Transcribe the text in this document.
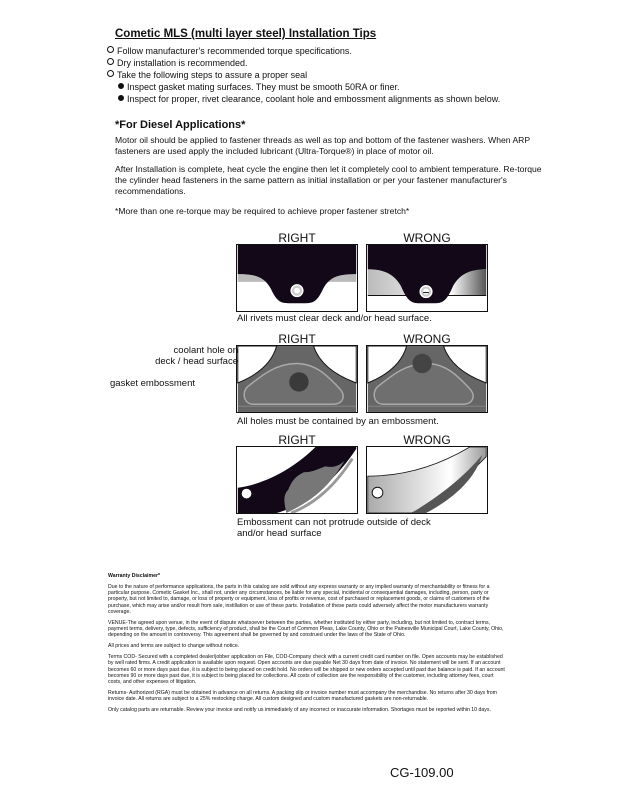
Cometic MLS (multi layer steel) Installation Tips
Follow manufacturer's recommended torque specifications.
Dry installation is recommended.
Take the following steps to assure a proper seal
Inspect gasket mating surfaces. They must be smooth 50RA or finer.
Inspect for proper, rivet clearance, coolant hole and embossment alignments as shown below.
*For Diesel Applications*
Motor oil should be applied to fastener threads as well as top and bottom of the fastener washers. When ARP fasteners are used apply the included lubricant (Ultra-Torque®) in place of motor oil.
After Installation is complete, heat cycle the engine then let it completely cool to ambient temperature. Re-torque the cylinder head fasteners in the same pattern as initial installation or per your fastener manufacturer's recommendations.
*More than one re-torque may be required to achieve proper fastener stretch*
RIGHT	WRONG
All rivets must clear deck and/or head surface.
RIGHT	WRONG
coolant hole on
deck / head surface
gasket embossment
All holes must be contained by an embossment.
RIGHT	WRONG
Embossment can not protrude outside of deck
and/or head surface

Warranty Disclaimer*

Due to the nature of performance applications, the parts in this catalog are sold without any express warranty or any implied warranty of merchantability or fitness for a particular purpose. Cometic Gasket Inc., shall not, under any circumstances, be liable for any special, incidental or consequential damages, including, person, party or property, but not limited to, damage, or loss of property or equipment, loss of profits or revenue, cost of purchased or replacement goods, or claims of customers of the purchase, which may arise and/or result from sale, instillation or use of these parts. Installation of these parts could adversely affect the motor manufacturers warranty coverage.

VENUE-The agreed upon venue, in the event of dispute whatsoever between the parties, whether instituted by either party, including, but not limited to, contract terms, payment terms, delivery, type, defects, sufficiency of product, shall be the Court of Common Pleas, Lake County, Ohio or the Painesville Municipal Court, Lake County, Ohio, depending on the amount in controversy. This agreement shall be governed by and construed under the laws of the State of Ohio.

All prices and terms are subject to change without notice.

Terms COD- Secured with a completed dealer/jobber application on File, COD-Company check with a current credit card number on file. Open accounts may be established by well rated firms. A credit application is available upon request. Open accounts are due payable Net 30 days from date of invoice. No statement will be sent. If an account becomes 60 or more days past due, it is subject to being placed on credit hold. No orders will be shipped or new orders accepted until past due balance is paid. If an account becomes 90 or more days past due, it is subject to being placed for collections. All costs of collection are the responsibility of the customer, including attorney fees, court costs, and other expenses of litigation.

Returns- Authorized (RGA) must be obtained in advance on all returns. A packing slip or invoice number must accompany the merchandise. No returns after 30 days from invoice date. All returns are subject to a 25% restocking charge. All custom designed and custom manufactured gaskets are non-returnable.

Only catalog parts are returnable. Review your invoice and notify us immediately of any incorrect or inaccurate information. Shortages must be reported within 10 days.

CG-109.00
